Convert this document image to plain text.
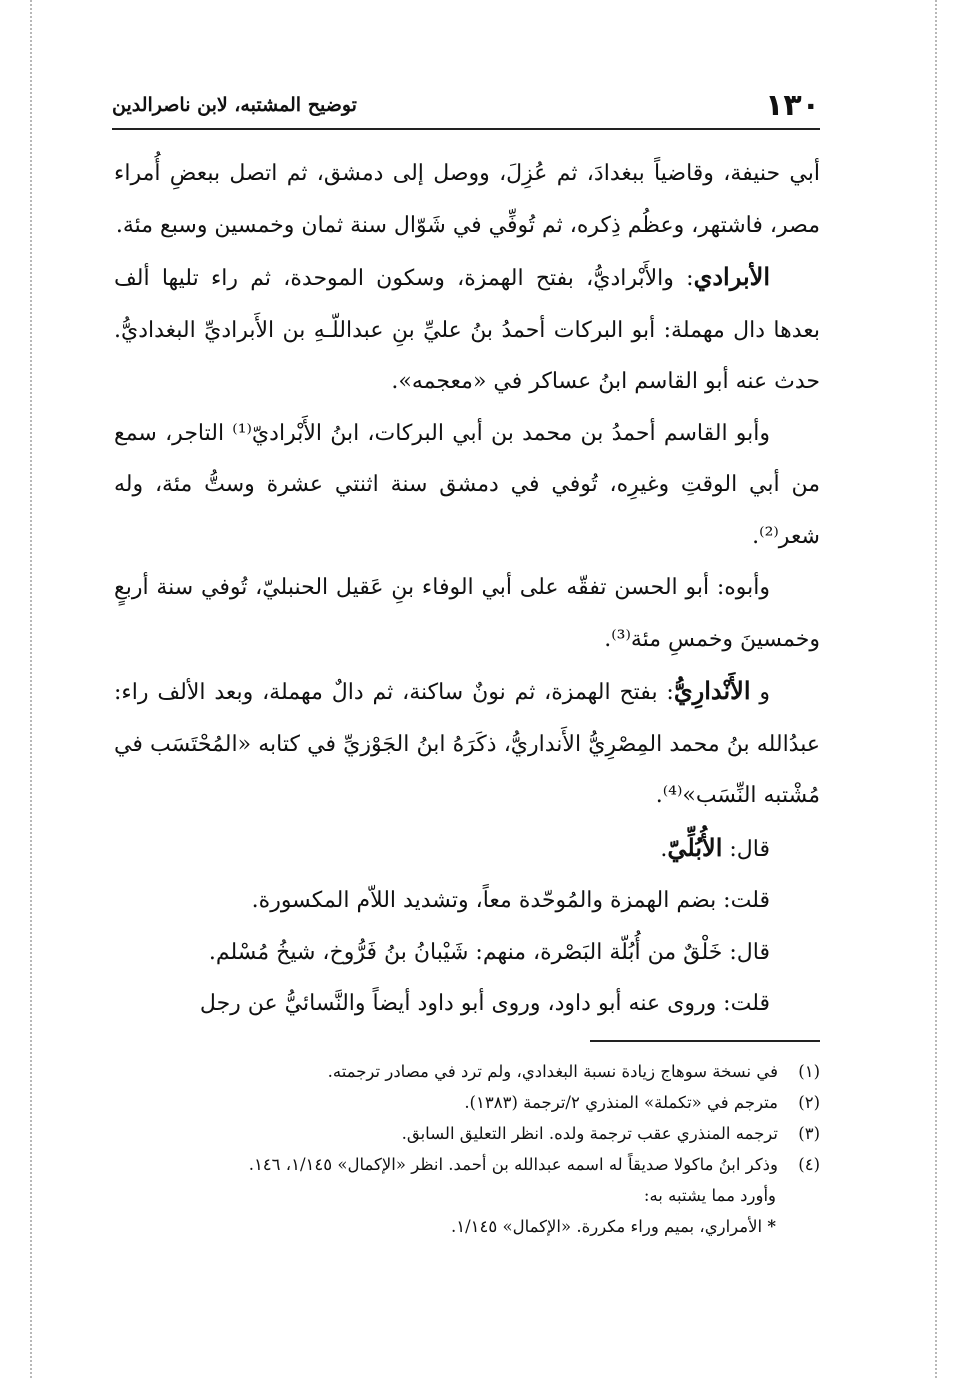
١٣٠
توضيح المشتبه، لابن ناصرالدين

أبي حنيفة، وقاضياً ببغدادَ، ثم عُزِلَ، ووصل إلى دمشق، ثم اتصل ببعضِ أُمراء مصر، فاشتهر، وعظُم ذِكره، ثم تُوفِّي في شَوّال سنة ثمان وخمسين وسبع مئة.

الأبرادي: والأَبْراديُّ، بفتح الهمزة، وسكون الموحدة، ثم راء تليها ألف بعدها دال مهملة: أبو البركات أحمدُ بنُ عليِّ بنِ عبداللّـهِ بن الأَبراديِّ البغداديُّ. حدث عنه أبو القاسم ابنُ عساكر في «معجمه».

وأبو القاسم أحمدُ بن محمد بن أبي البركات، ابنُ الأَبْراديّ⁽¹⁾ التاجر، سمع من أبي الوقتِ وغيرِه، تُوفي في دمشق سنة اثنتي عشرة وستُّ مئة، وله شعر⁽²⁾.

وأبوه: أبو الحسن تفقّه على أبي الوفاء بنِ عَقيل الحنبليّ، تُوفي سنة أربعٍ وخمسينَ وخمسِ مئة⁽³⁾.

و الأَنْدارِيُّ: بفتح الهمزة، ثم نونٌ ساكنة، ثم دالٌ مهملة، وبعد الألف راء: عبدُالله بنُ محمد المِصْرِيُّ الأَنداريُّ، ذكَرَهُ ابنُ الجَوْزيِّ في كتابه «المُحْتَسَب في مُشْتبه النِّسَب»⁽⁴⁾.

قال: الأُبُلِّيّ.

قلت: بضم الهمزة والمُوحّدة معاً، وتشديد اللاّم المكسورة.

قال: خَلْقٌ من أُبُلّة البَصْرة، منهم: شَيْبانُ بنُ فَرُّوخ، شيخُ مُسْلم.

قلت: وروى عنه أبو داود، وروى أبو داود أيضاً والنَّسائيُّ عن رجل

(١)في نسخة سوهاج زيادة نسبة البغدادي، ولم ترد في مصادر ترجمته.
(٢)مترجم في «تكملة» المنذري ٢/ترجمة (١٣٨٣).
(٣)ترجمه المنذري عقب ترجمة ولده. انظر التعليق السابق.
(٤)وذكر ابنُ ماكولا صديقاً له اسمه عبدالله بن أحمد. انظر «الإكمال» ١/١٤٥، ١٤٦.
وأورد مما يشتبه به:
* الأمراري، بميم وراء مكررة. «الإكمال» ١/١٤٥.
